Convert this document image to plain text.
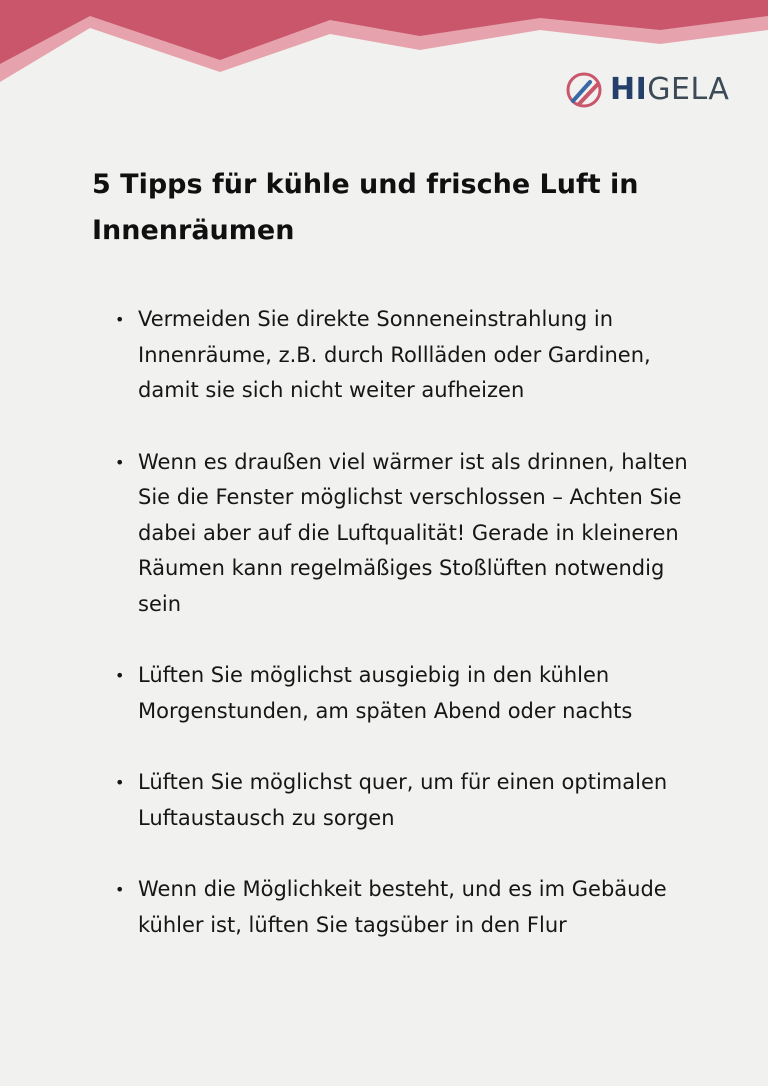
HIGELA
5 Tipps für kühle und frische Luft in Innenräumen
• Vermeiden Sie direkte Sonneneinstrahlung in Innenräume, z.B. durch Rollläden oder Gardinen, damit sie sich nicht weiter aufheizen
• Wenn es draußen viel wärmer ist als drinnen, halten Sie die Fenster möglichst verschlossen – Achten Sie dabei aber auf die Luftqualität! Gerade in kleineren Räumen kann regelmäßiges Stoßlüften notwendig sein
• Lüften Sie möglichst ausgiebig in den kühlen Morgenstunden, am späten Abend oder nachts
• Lüften Sie möglichst quer, um für einen optimalen Luftaustausch zu sorgen
• Wenn die Möglichkeit besteht, und es im Gebäude kühler ist, lüften Sie tagsüber in den Flur
